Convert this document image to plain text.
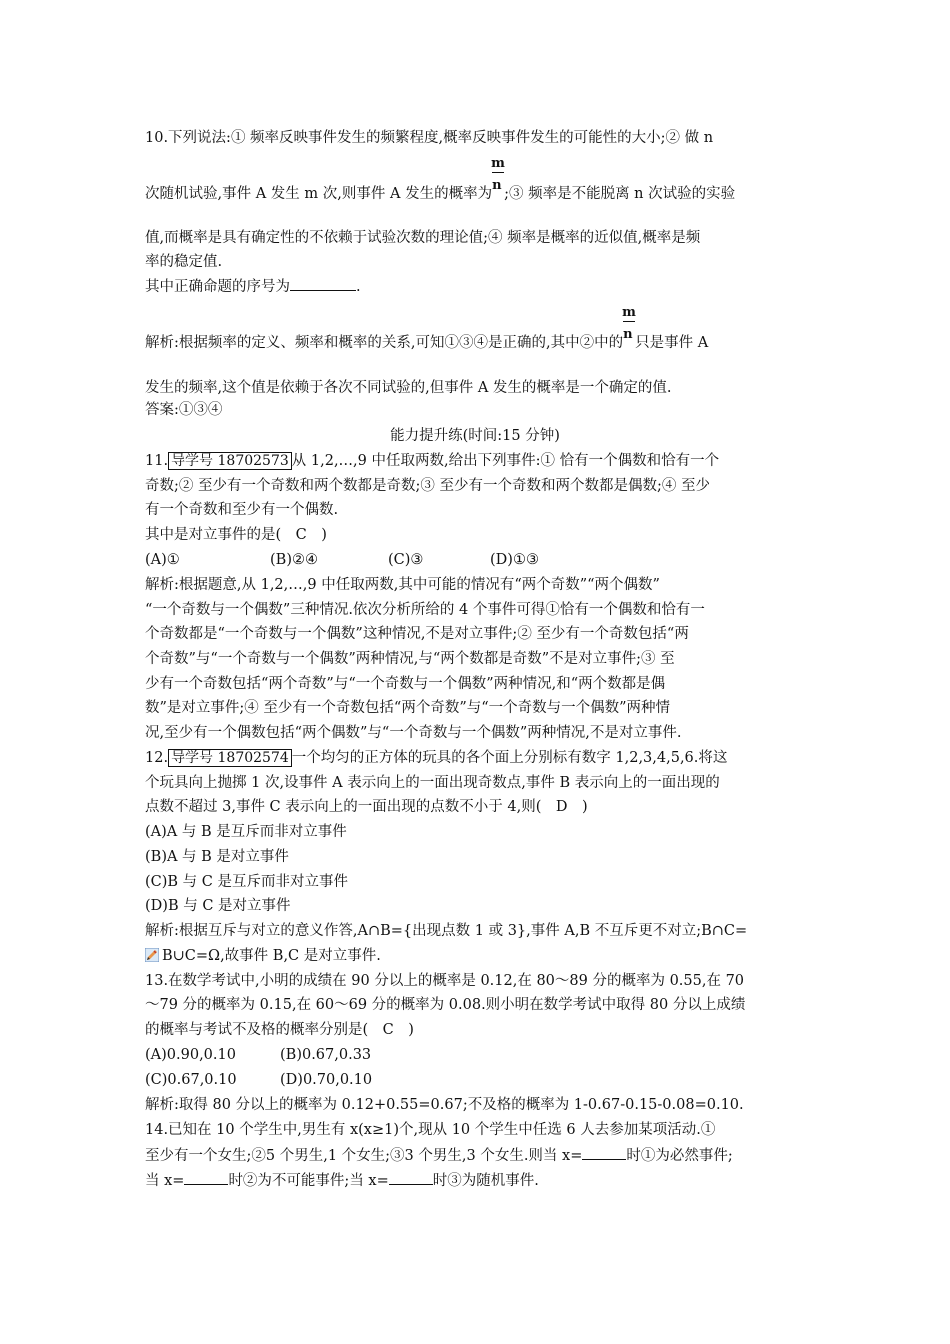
10.下列说法:① 频率反映事件发生的频繁程度,概率反映事件发生的可能性的大小;② 做 n
次随机试验,事件 A 发生 m 次,则事件 A 发生的概率为 $\frac{m}{n}$ ;③ 频率是不能脱离 n 次试验的实验
值,而概率是具有确定性的不依赖于试验次数的理论值;④ 频率是概率的近似值,概率是频
率的稳定值.
其中正确命题的序号为	.
解析:根据频率的定义、频率和概率的关系,可知①③④是正确的,其中②中的 $\frac{m}{n}$ 只是事件 A
发生的频率,这个值是依赖于各次不同试验的,但事件 A 发生的概率是一个确定的值.
答案:①③④
能力提升练(时间:15 分钟)
11. 导学号 18702573 从 1,2,…,9 中任取两数,给出下列事件:① 恰有一个偶数和恰有一个
奇数;② 至少有一个奇数和两个数都是奇数;③ 至少有一个奇数和两个数都是偶数;④ 至少
有一个奇数和至少有一个偶数.
其中是对立事件的是(　C　)
(A)①	(B)②④	(C)③	(D)①③
解析:根据题意,从 1,2,…,9 中任取两数,其中可能的情况有“两个奇数”“两个偶数”
“一个奇数与一个偶数”三种情况.依次分析所给的 4 个事件可得①恰有一个偶数和恰有一
个奇数都是“一个奇数与一个偶数”这种情况,不是对立事件;② 至少有一个奇数包括“两
个奇数”与“一个奇数与一个偶数”两种情况,与“两个数都是奇数”不是对立事件;③ 至
少有一个奇数包括“两个奇数”与“一个奇数与一个偶数”两种情况,和“两个数都是偶
数”是对立事件;④ 至少有一个奇数包括“两个奇数”与“一个奇数与一个偶数”两种情
况,至少有一个偶数包括“两个偶数”与“一个奇数与一个偶数”两种情况,不是对立事件.
12. 导学号 18702574 一个均匀的正方体的玩具的各个面上分别标有数字 1,2,3,4,5,6.将这
个玩具向上抛掷 1 次,设事件 A 表示向上的一面出现奇数点,事件 B 表示向上的一面出现的
点数不超过 3,事件 C 表示向上的一面出现的点数不小于 4,则(　D　)
(A)A 与 B 是互斥而非对立事件
(B)A 与 B 是对立事件
(C)B 与 C 是互斥而非对立事件
(D)B 与 C 是对立事件
解析:根据互斥与对立的意义作答,A∩B={出现点数 1 或 3},事件 A,B 不互斥更不对立;B∩C=
B∪C=Ω,故事件 B,C 是对立事件.
13.在数学考试中,小明的成绩在 90 分以上的概率是 0.12,在 80～89 分的概率为 0.55,在 70
～79 分的概率为 0.15,在 60～69 分的概率为 0.08.则小明在数学考试中取得 80 分以上成绩
的概率与考试不及格的概率分别是(　C　)
(A)0.90,0.10	(B)0.67,0.33
(C)0.67,0.10	(D)0.70,0.10
解析:取得 80 分以上的概率为 0.12+0.55=0.67;不及格的概率为 1-0.67-0.15-0.08=0.10.
14.已知在 10 个学生中,男生有 x(x≥1)个,现从 10 个学生中任选 6 人去参加某项活动.①
至少有一个女生;②5 个男生,1 个女生;③3 个男生,3 个女生.则当 x=	时①为必然事件;
当 x=	时②为不可能事件;当 x=	时③为随机事件.
